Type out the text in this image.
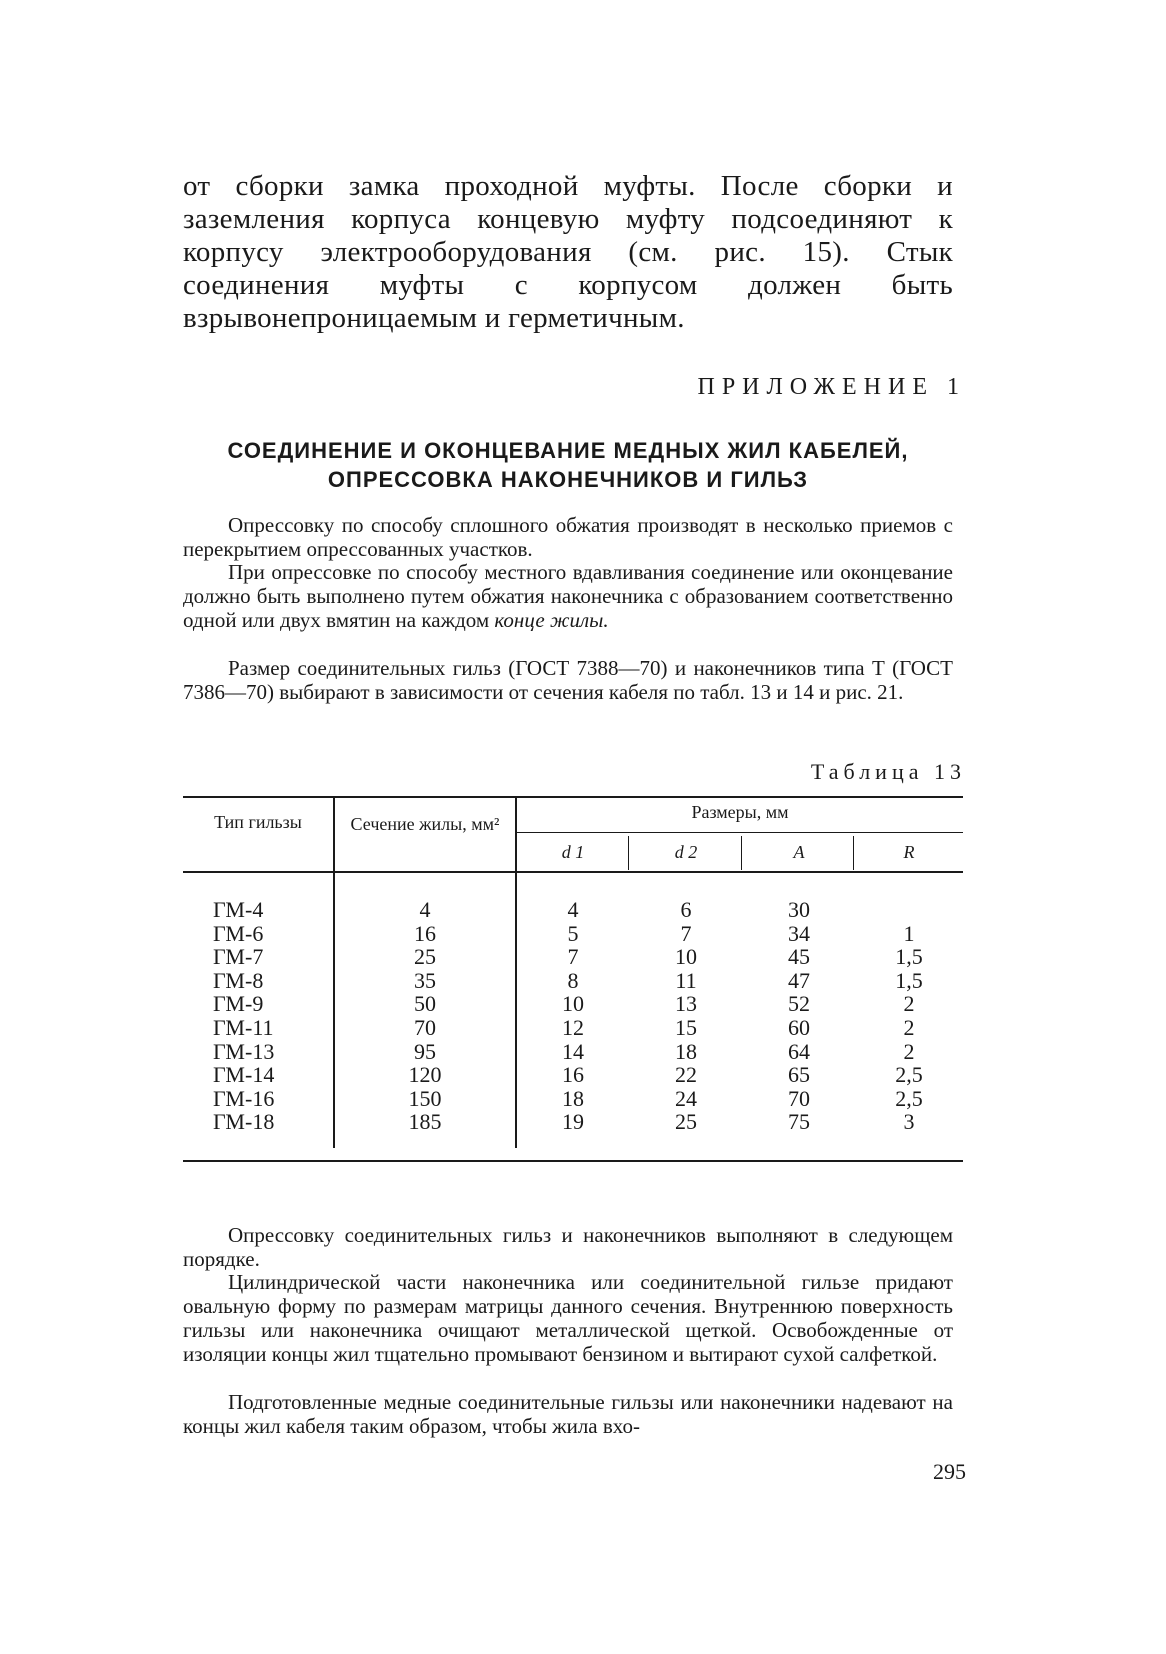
от сборки замка проходной муфты. После сборки и заземления корпуса концевую муфту подсоединяют к корпусу электрооборудования (см. рис. 15). Стык соединения муфты с корпусом должен быть взрывонепроницаемым и герметичным.

ПРИЛОЖЕНИЕ 1

СОЕДИНЕНИЕ И ОКОНЦЕВАНИЕ МЕДНЫХ ЖИЛ КАБЕЛЕЙ,
ОПРЕССОВКА НАКОНЕЧНИКОВ И ГИЛЬЗ

Опрессовку по способу сплошного обжатия производят в несколько приемов с перекрытием опрессованных участков.

При опрессовке по способу местного вдавливания соединение или оконцевание должно быть выполнено путем обжатия наконечника с образованием соответственно одной или двух вмятин на каждом конце жилы.

Размер соединительных гильз (ГОСТ 7388—70) и наконечников типа Т (ГОСТ 7386—70) выбирают в зависимости от сечения кабеля по табл. 13 и 14 и рис. 21.

Таблица 13

Тип гильзы	Сечение жилы, мм²

Размеры, мм

d 1	d 2	A	R

ГМ-4	4	4	6	30
ГМ-6	16	5	7	34	1
ГМ-7	25	7	10	45	1,5
ГМ-8	35	8	11	47	1,5
ГМ-9	50	10	13	52	2
ГМ-11	70	12	15	60	2
ГМ-13	95	14	18	64	2
ГМ-14	120	16	22	65	2,5
ГМ-16	150	18	24	70	2,5
ГМ-18	185	19	25	75	3

Опрессовку соединительных гильз и наконечников выполняют в следующем порядке.

Цилиндрической части наконечника или соединительной гильзе придают овальную форму по размерам матрицы данного сечения. Внутреннюю поверхность гильзы или наконечника очищают металлической щеткой. Освобожденные от изоляции концы жил тщательно промывают бензином и вытирают сухой салфеткой.

Подготовленные медные соединительные гильзы или наконечники надевают на концы жил кабеля таким образом, чтобы жила вхо-

295
